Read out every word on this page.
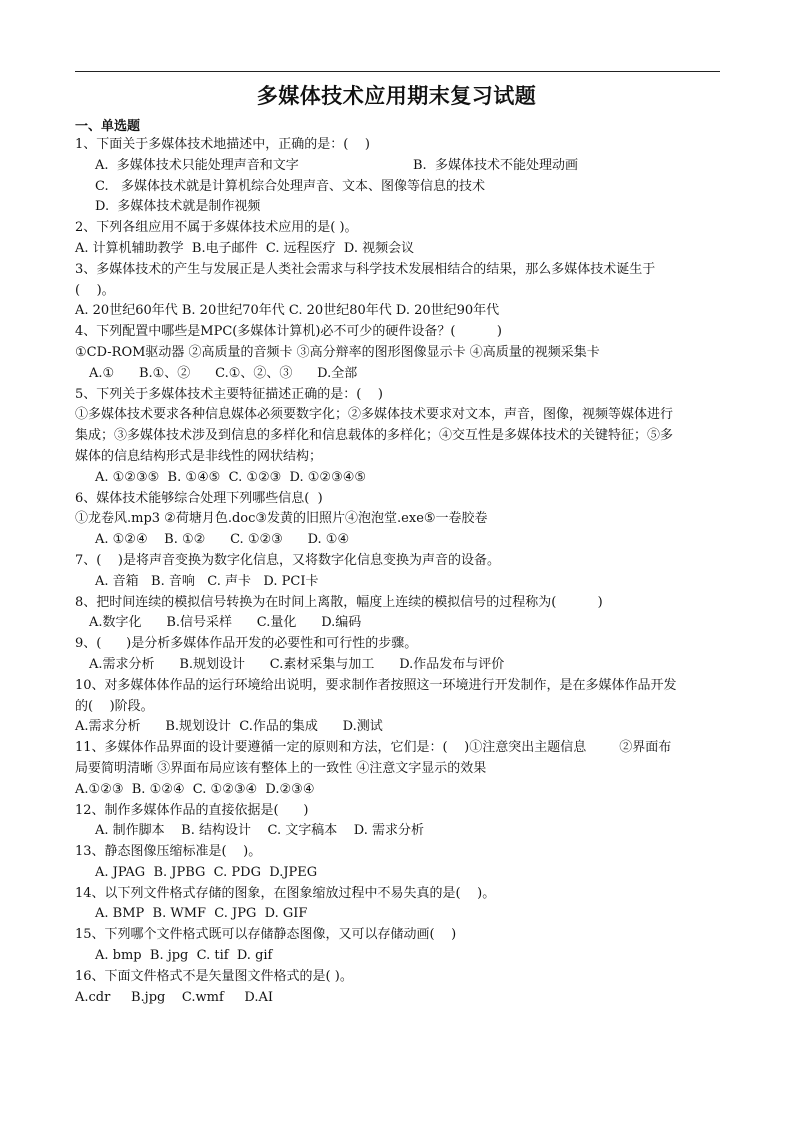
多媒体技术应用期末复习试题
一、单选题
1、下面关于多媒体技术地描述中，正确的是：(    )
A.  多媒体技术只能处理声音和文字	B.  多媒体技术不能处理动画
C.   多媒体技术就是计算机综合处理声音、文本、图像等信息的技术
D.  多媒体技术就是制作视频
2、下列各组应用不属于多媒体技术应用的是( )。
A. 计算机辅助教学  B.电子邮件  C. 远程医疗  D. 视频会议
3、多媒体技术的产生与发展正是人类社会需求与科学技术发展相结合的结果，那么多媒体技术诞生于
(    )。
A. 20世纪60年代 B. 20世纪70年代 C. 20世纪80年代 D. 20世纪90年代
4、下列配置中哪些是MPC(多媒体计算机)必不可少的硬件设备？(          )
①CD-ROM驱动器 ②高质量的音频卡 ③高分辩率的图形图像显示卡 ④高质量的视频采集卡
A.①      B.①、②      C.①、②、③      D.全部
5、下列关于多媒体技术主要特征描述正确的是：(    )
①多媒体技术要求各种信息媒体必须要数字化；②多媒体技术要求对文本，声音，图像，视频等媒体进行
集成；③多媒体技术涉及到信息的多样化和信息载体的多样化；④交互性是多媒体技术的关键特征；⑤多
媒体的信息结构形式是非线性的网状结构；
A. ①②③⑤  B. ①④⑤  C. ①②③  D. ①②③④⑤
6、媒体技术能够综合处理下列哪些信息(  )
①龙卷风.mp3 ②荷塘月色.doc③发黄的旧照片④泡泡堂.exe⑤一卷胶卷
A. ①②④    B. ①②      C. ①②③      D. ①④
7、(    )是将声音变换为数字化信息，又将数字化信息变换为声音的设备。
A. 音箱   B. 音响   C. 声卡   D. PCI卡
8、把时间连续的模拟信号转换为在时间上离散，幅度上连续的模拟信号的过程称为(          )
A.数字化      B.信号采样      C.量化      D.编码
9、(      )是分析多媒体作品开发的必要性和可行性的步骤。
A.需求分析      B.规划设计      C.素材采集与加工      D.作品发布与评价
10、对多媒体体作品的运行环境给出说明，要求制作者按照这一环境进行开发制作，是在多媒体作品开发
的(    )阶段。
A.需求分析      B.规划设计  C.作品的集成      D.测试
11、多媒体作品界面的设计要遵循一定的原则和方法，它们是：(    )①注意突出主题信息        ②界面布
局要简明清晰 ③界面布局应该有整体上的一致性 ④注意文字显示的效果
A.①②③  B. ①②④  C. ①②③④  D.②③④
12、制作多媒体作品的直接依据是(      )
A. 制作脚本    B. 结构设计    C. 文字稿本    D. 需求分析
13、静态图像压缩标准是(    )。
A. JPAG  B. JPBG  C. PDG  D.JPEG
14、以下列文件格式存储的图象，在图象缩放过程中不易失真的是(    )。
A. BMP  B. WMF  C. JPG  D. GIF
15、下列哪个文件格式既可以存储静态图像，又可以存储动画(    )
A. bmp  B. jpg  C. tif  D. gif
16、下面文件格式不是矢量图文件格式的是( )。
A.cdr     B.jpg    C.wmf     D.AI
